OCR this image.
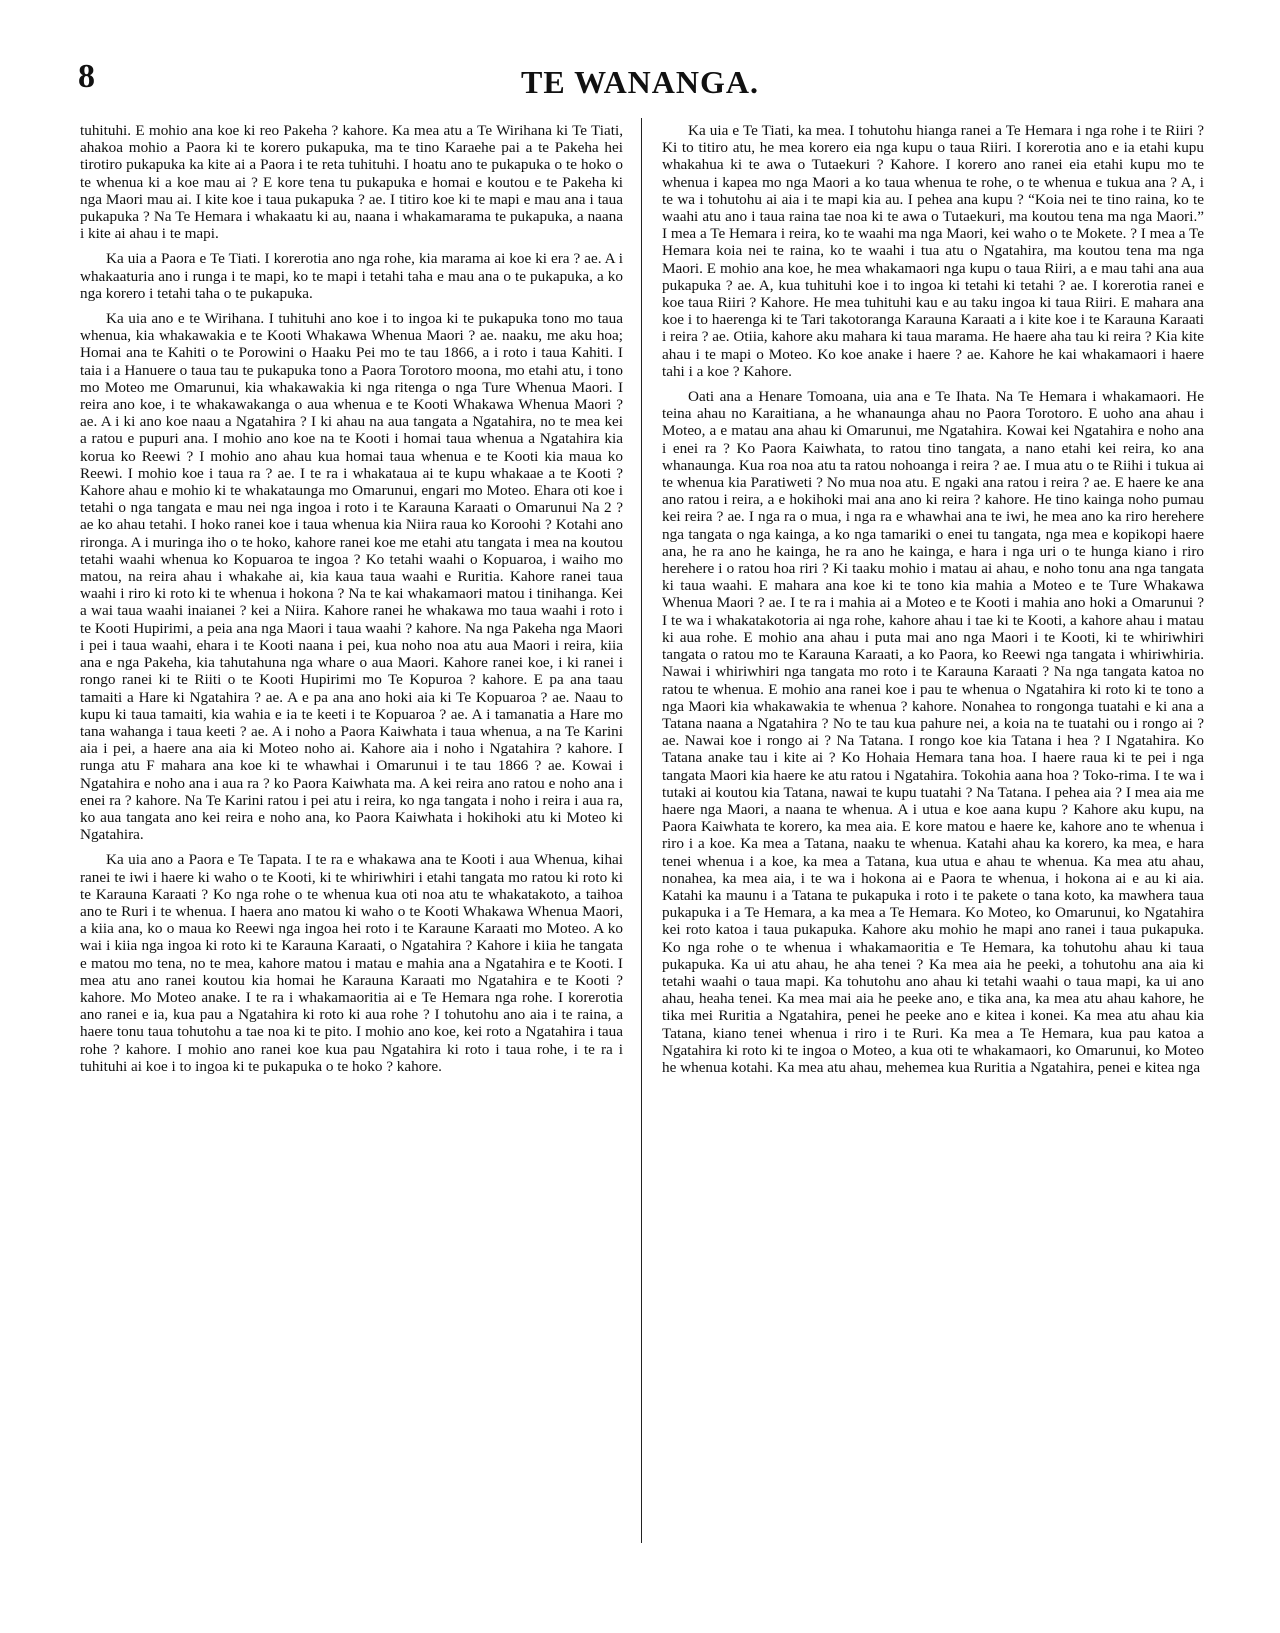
8	TE WANANGA.

tuhituhi. E mohio ana koe ki reo Pakeha ? kahore. Ka mea atu a Te Wirihana ki Te Tiati, ahakoa mohio a Paora ki te korero pukapuka, ma te tino Karaehe pai a te Pakeha hei tirotiro pukapuka ka kite ai a Paora i te reta tuhituhi. I hoatu ano te pukapuka o te hoko o te whenua ki a koe mau ai ? E kore tena tu pukapuka e homai e koutou e te Pakeha ki nga Maori mau ai. I kite koe i taua pukapuka ? ae. I titiro koe ki te mapi e mau ana i taua pukapuka ? Na Te Hemara i whakaatu ki au, naana i whakamarama te pukapuka, a naana i kite ai ahau i te mapi.

Ka uia a Paora e Te Tiati. I korerotia ano nga rohe, kia marama ai koe ki era ? ae. A i whakaaturia ano i runga i te mapi, ko te mapi i tetahi taha e mau ana o te pukapuka, a ko nga korero i tetahi taha o te pukapuka.

Ka uia ano e te Wirihana. I tuhituhi ano koe i to ingoa ki te pukapuka tono mo taua whenua, kia whakawakia e te Kooti Whakawa Whenua Maori ? ae. naaku, me aku hoa; Homai ana te Kahiti o te Porowini o Haaku Pei mo te tau 1866, a i roto i taua Kahiti. I taia i a Hanuere o taua tau te pukapuka tono a Paora Torotoro moona, mo etahi atu, i tono mo Moteo me Omarunui, kia whakawakia ki nga ritenga o nga Ture Whenua Maori. I reira ano koe, i te whakawakanga o aua whenua e te Kooti Whakawa Whenua Maori ? ae. A i ki ano koe naau a Ngatahira ? I ki ahau na aua tangata a Ngatahira, no te mea kei a ratou e pupuri ana. I mohio ano koe na te Kooti i homai taua whenua a Ngatahira kia korua ko Reewi ? I mohio ano ahau kua homai taua whenua e te Kooti kia maua ko Reewi. I mohio koe i taua ra ? ae. I te ra i whakataua ai te kupu whakaae a te Kooti ? Kahore ahau e mohio ki te whakataunga mo Omarunui, engari mo Moteo. Ehara oti koe i tetahi o nga tangata e mau nei nga ingoa i roto i te Karauna Karaati o Omarunui Na 2 ? ae ko ahau tetahi. I hoko ranei koe i taua whenua kia Niira raua ko Koroohi ? Kotahi ano rironga. A i muringa iho o te hoko, kahore ranei koe me etahi atu tangata i mea na koutou tetahi waahi whenua ko Kopuaroa te ingoa ? Ko tetahi waahi o Kopuaroa, i waiho mo matou, na reira ahau i whakahe ai, kia kaua taua waahi e Ruritia. Kahore ranei taua waahi i riro ki roto ki te whenua i hokona ? Na te kai whakamaori matou i tinihanga. Kei a wai taua waahi inaianei ? kei a Niira. Kahore ranei he whakawa mo taua waahi i roto i te Kooti Hupirimi, a peia ana nga Maori i taua waahi ? kahore. Na nga Pakeha nga Maori i pei i taua waahi, ehara i te Kooti naana i pei, kua noho noa atu aua Maori i reira, kiia ana e nga Pakeha, kia tahutahuna nga whare o aua Maori. Kahore ranei koe, i ki ranei i rongo ranei ki te Riiti o te Kooti Hupirimi mo Te Kopuroa ? kahore. E pa ana taau tamaiti a Hare ki Ngatahira ? ae. A e pa ana ano hoki aia ki Te Kopuaroa ? ae. Naau to kupu ki taua tamaiti, kia wahia e ia te keeti i te Kopuaroa ? ae. A i tamanatia a Hare mo tana wahanga i taua keeti ? ae. A i noho a Paora Kaiwhata i taua whenua, a na Te Karini aia i pei, a haere ana aia ki Moteo noho ai. Kahore aia i noho i Ngatahira ? kahore. I runga atu F mahara ana koe ki te whawhai i Omarunui i te tau 1866 ? ae. Kowai i Ngatahira e noho ana i aua ra ? ko Paora Kaiwhata ma. A kei reira ano ratou e noho ana i enei ra ? kahore. Na Te Karini ratou i pei atu i reira, ko nga tangata i noho i reira i aua ra, ko aua tangata ano kei reira e noho ana, ko Paora Kaiwhata i hokihoki atu ki Moteo ki Ngatahira.

Ka uia ano a Paora e Te Tapata. I te ra e whakawa ana te Kooti i aua Whenua, kihai ranei te iwi i haere ki waho o te Kooti, ki te whiriwhiri i etahi tangata mo ratou ki roto ki te Karauna Karaati ? Ko nga rohe o te whenua kua oti noa atu te whakatakoto, a taihoa ano te Ruri i te whenua. I haera ano matou ki waho o te Kooti Whakawa Whenua Maori, a kiia ana, ko o maua ko Reewi nga ingoa hei roto i te Karaune Karaati mo Moteo. A ko wai i kiia nga ingoa ki roto ki te Karauna Karaati, o Ngatahira ? Kahore i kiia he tangata e matou mo tena, no te mea, kahore matou i matau e mahia ana a Ngatahira e te Kooti. I mea atu ano ranei koutou kia homai he Karauna Karaati mo Ngatahira e te Kooti ? kahore. Mo Moteo anake. I te ra i whakamaoritia ai e Te Hemara nga rohe. I korerotia ano ranei e ia, kua pau a Ngatahira ki roto ki aua rohe ? I tohutohu ano aia i te raina, a haere tonu taua tohutohu a tae noa ki te pito. I mohio ano koe, kei roto a Ngatahira i taua rohe ? kahore. I mohio ano ranei koe kua pau Ngatahira ki roto i taua rohe, i te ra i tuhituhi ai koe i to ingoa ki te pukapuka o te hoko ? kahore.

Ka uia e Te Tiati, ka mea. I tohutohu hianga ranei a Te Hemara i nga rohe i te Riiri ? Ki to titiro atu, he mea korero eia nga kupu o taua Riiri. I korerotia ano e ia etahi kupu whakahua ki te awa o Tutaekuri ? Kahore. I korero ano ranei eia etahi kupu mo te whenua i kapea mo nga Maori a ko taua whenua te rohe, o te whenua e tukua ana ? A, i te wa i tohutohu ai aia i te mapi kia au. I pehea ana kupu ? “Koia nei te tino raina, ko te waahi atu ano i taua raina tae noa ki te awa o Tutaekuri, ma koutou tena ma nga Maori.” I mea a Te Hemara i reira, ko te waahi ma nga Maori, kei waho o te Mokete. ? I mea a Te Hemara koia nei te raina, ko te waahi i tua atu o Ngatahira, ma koutou tena ma nga Maori. E mohio ana koe, he mea whakamaori nga kupu o taua Riiri, a e mau tahi ana aua pukapuka ? ae. A, kua tuhituhi koe i to ingoa ki tetahi ki tetahi ? ae. I korerotia ranei e koe taua Riiri ? Kahore. He mea tuhituhi kau e au taku ingoa ki taua Riiri. E mahara ana koe i to haerenga ki te Tari takotoranga Karauna Karaati a i kite koe i te Karauna Karaati i reira ? ae. Otiia, kahore aku mahara ki taua marama. He haere aha tau ki reira ? Kia kite ahau i te mapi o Moteo. Ko koe anake i haere ? ae. Kahore he kai whakamaori i haere tahi i a koe ? Kahore.

Oati ana a Henare Tomoana, uia ana e Te Ihata. Na Te Hemara i whakamaori. He teina ahau no Karaitiana, a he whanaunga ahau no Paora Torotoro. E uoho ana ahau i Moteo, a e matau ana ahau ki Omarunui, me Ngatahira. Kowai kei Ngatahira e noho ana i enei ra ? Ko Paora Kaiwhata, to ratou tino tangata, a nano etahi kei reira, ko ana whanaunga. Kua roa noa atu ta ratou nohoanga i reira ? ae. I mua atu o te Riihi i tukua ai te whenua kia Paratiweti ? No mua noa atu. E ngaki ana ratou i reira ? ae. E haere ke ana ano ratou i reira, a e hokihoki mai ana ano ki reira ? kahore. He tino kainga noho pumau kei reira ? ae. I nga ra o mua, i nga ra e whawhai ana te iwi, he mea ano ka riro herehere nga tangata o nga kainga, a ko nga tamariki o enei tu tangata, nga mea e kopikopi haere ana, he ra ano he kainga, he ra ano he kainga, e hara i nga uri o te hunga kiano i riro herehere i o ratou hoa riri ? Ki taaku mohio i matau ai ahau, e noho tonu ana nga tangata ki taua waahi. E mahara ana koe ki te tono kia mahia a Moteo e te Ture Whakawa Whenua Maori ? ae. I te ra i mahia ai a Moteo e te Kooti i mahia ano hoki a Omarunui ? I te wa i whakatakotoria ai nga rohe, kahore ahau i tae ki te Kooti, a kahore ahau i matau ki aua rohe. E mohio ana ahau i puta mai ano nga Maori i te Kooti, ki te whiriwhiri tangata o ratou mo te Karauna Karaati, a ko Paora, ko Reewi nga tangata i whiriwhiria. Nawai i whiriwhiri nga tangata mo roto i te Karauna Karaati ? Na nga tangata katoa no ratou te whenua. E mohio ana ranei koe i pau te whenua o Ngatahira ki roto ki te tono a nga Maori kia whakawakia te whenua ? kahore. Nonahea to rongonga tuatahi e ki ana a Tatana naana a Ngatahira ? No te tau kua pahure nei, a koia na te tuatahi ou i rongo ai ? ae. Nawai koe i rongo ai ? Na Tatana. I rongo koe kia Tatana i hea ? I Ngatahira. Ko Tatana anake tau i kite ai ? Ko Hohaia Hemara tana hoa. I haere raua ki te pei i nga tangata Maori kia haere ke atu ratou i Ngatahira. Tokohia aana hoa ? Toko-rima. I te wa i tutaki ai koutou kia Tatana, nawai te kupu tuatahi ? Na Tatana. I pehea aia ? I mea aia me haere nga Maori, a naana te whenua. A i utua e koe aana kupu ? Kahore aku kupu, na Paora Kaiwhata te korero, ka mea aia. E kore matou e haere ke, kahore ano te whenua i riro i a koe. Ka mea a Tatana, naaku te whenua. Katahi ahau ka korero, ka mea, e hara tenei whenua i a koe, ka mea a Tatana, kua utua e ahau te whenua. Ka mea atu ahau, nonahea, ka mea aia, i te wa i hokona ai e Paora te whenua, i hokona ai e au ki aia. Katahi ka maunu i a Tatana te pukapuka i roto i te pakete o tana koto, ka mawhera taua pukapuka i a Te Hemara, a ka mea a Te Hemara. Ko Moteo, ko Omarunui, ko Ngatahira kei roto katoa i taua pukapuka. Kahore aku mohio he mapi ano ranei i taua pukapuka. Ko nga rohe o te whenua i whakamaoritia e Te Hemara, ka tohutohu ahau ki taua pukapuka. Ka ui atu ahau, he aha tenei ? Ka mea aia he peeki, a tohutohu ana aia ki tetahi waahi o taua mapi. Ka tohutohu ano ahau ki tetahi waahi o taua mapi, ka ui ano ahau, heaha tenei. Ka mea mai aia he peeke ano, e tika ana, ka mea atu ahau kahore, he tika mei Ruritia a Ngatahira, penei he peeke ano e kitea i konei. Ka mea atu ahau kia Tatana, kiano tenei whenua i riro i te Ruri. Ka mea a Te Hemara, kua pau katoa a Ngatahira ki roto ki te ingoa o Moteo, a kua oti te whakamaori, ko Omarunui, ko Moteo he whenua kotahi. Ka mea atu ahau, mehemea kua Ruritia a Ngatahira, penei e kitea nga
